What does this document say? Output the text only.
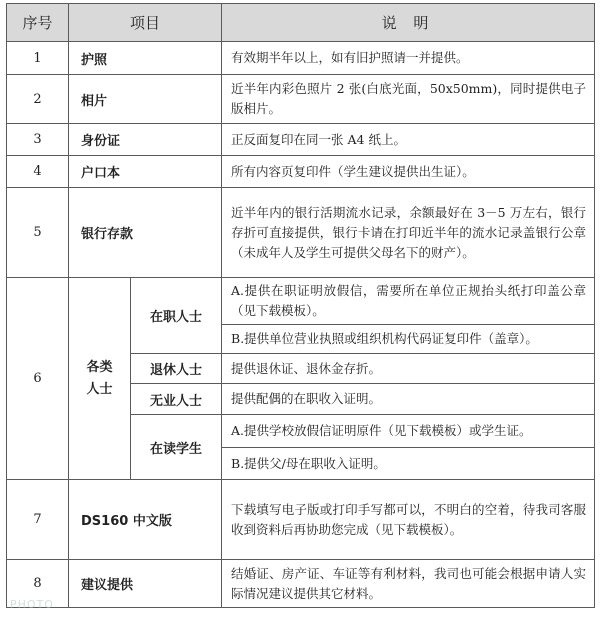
序号	项目		说 明
1	护照		有效期半年以上，如有旧护照请一并提供。
2	相片		近半年内彩色照片 2 张(白底光面，50x50mm)，同时提供电子版相片。
3	身份证		正反面复印在同一张 A4 纸上。
4	户口本		所有内容页复印件（学生建议提供出生证）。
5	银行存款		近半年内的银行活期流水记录，余额最好在 3－5 万左右，银行存折可直接提供，银行卡请在打印近半年的流水记录盖银行公章（未成年人及学生可提供父母名下的财产）。
6	各类人士	在职人士	A.提供在职证明放假信，需要所在单位正规抬头纸打印盖公章（见下载模板）。
			B.提供单位营业执照或组织机构代码证复印件（盖章）。
		退休人士	提供退休证、退休金存折。
		无业人士	提供配偶的在职收入证明。
		在读学生	A.提供学校放假信证明原件（见下载模板）或学生证。
			B.提供父/母在职收入证明。
7	DS160 中文版		下载填写电子版或打印手写都可以，不明白的空着，待我司客服收到资料后再协助您完成（见下载模板）。
8	建议提供		结婚证、房产证、车证等有利材料，我司也可能会根据申请人实际情况建议提供其它材料。
PHOTO
